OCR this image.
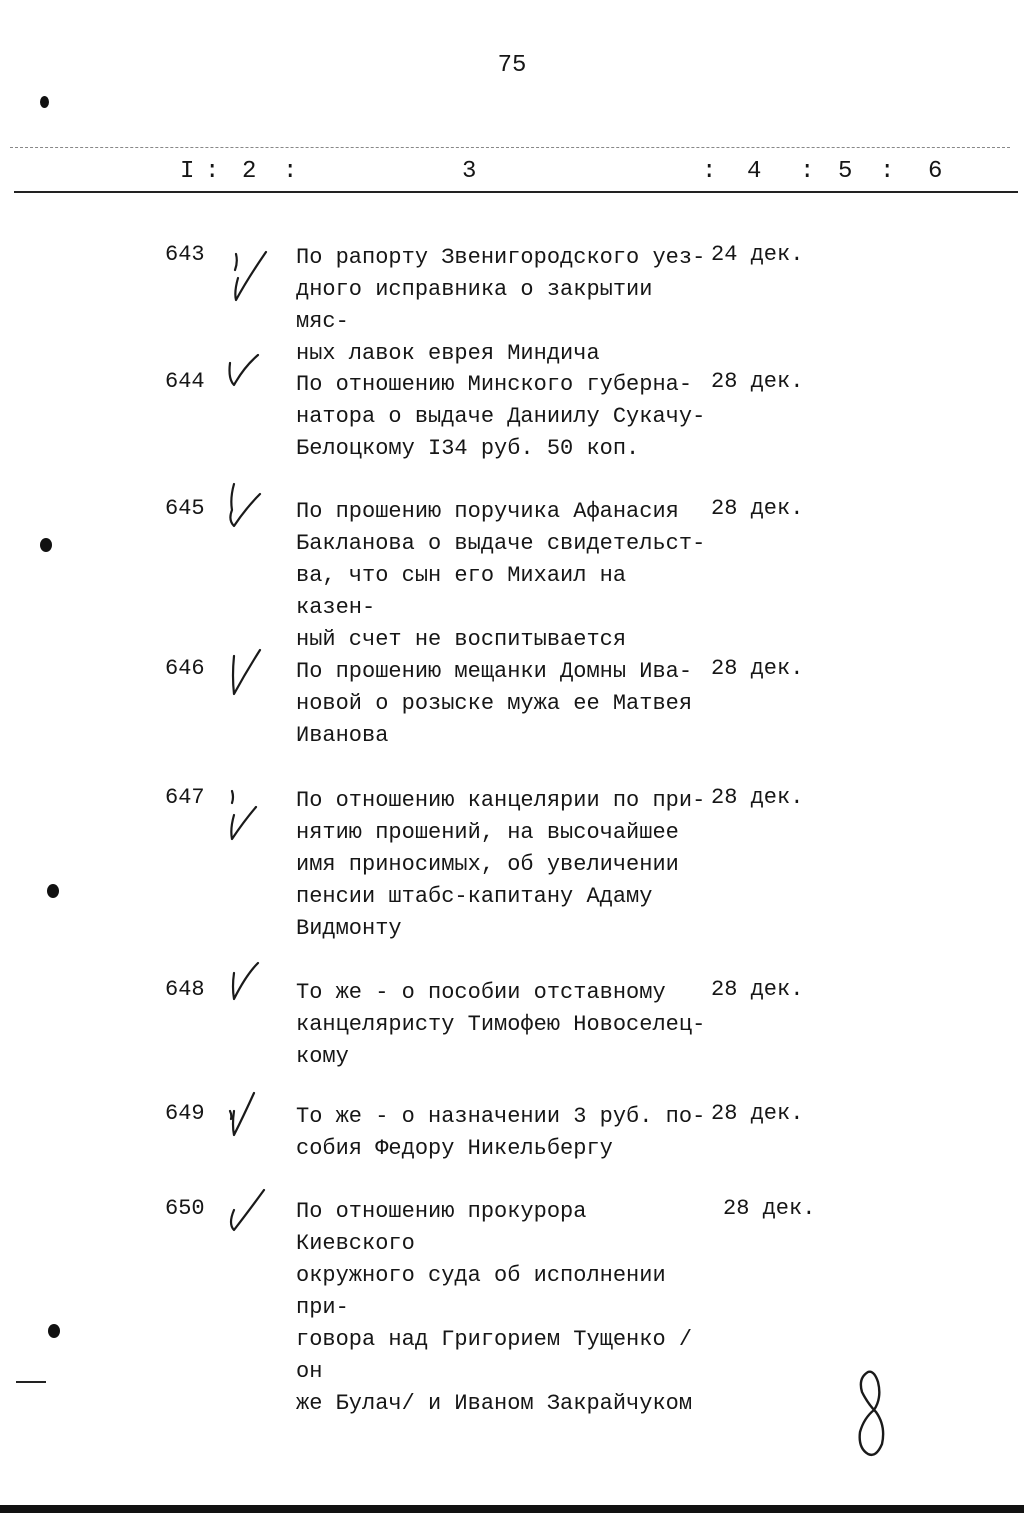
75
I : 2 :	3	: 4 : 5 : 6
643	По рапорту Звенигородского уез-
дного исправника о закрытии мяс-
ных лавок еврея Миндича
24 дек.
644	По отношению Минского губерна-
натора о выдаче Даниилу Сукачу-
Белоцкому I34 руб. 50 коп.
28 дек.
645	По прошению поручика Афанасия
Бакланова о выдаче свидетельст-
ва, что сын его Михаил на казен-
ный счет не воспитывается
28 дек.
646	По прошению мещанки Домны Ива-
новой о розыске мужа ее Матвея
Иванова
28 дек.
647	По отношению канцелярии по при-
нятию прошений, на высочайшее
имя приносимых, об увеличении
пенсии штабс-капитану Адаму
Видмонту
28 дек.
648	То же - о пособии отставному
канцеляристу Тимофею Новоселец-
кому
28 дек.
649	То же - о назначении 3 руб. по-
собия Федору Никельбергу
28 дек.
650	По отношению прокурора Киевского
окружного суда об исполнении при-
говора над Григорием Тущенко /он
же Булач/ и Иваном Закрайчуком
28 дек.
